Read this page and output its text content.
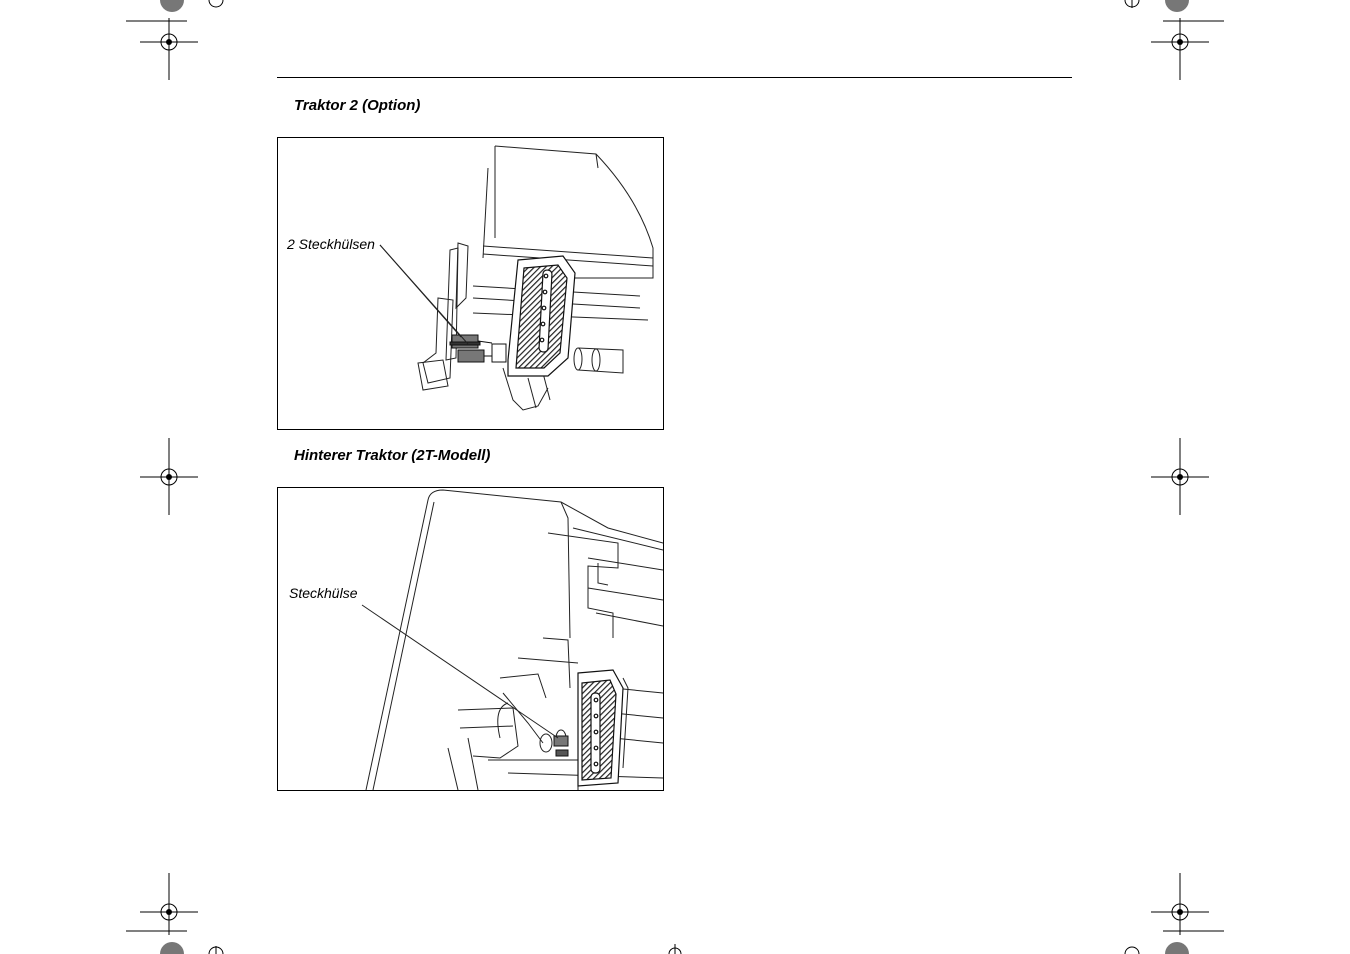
Traktor 2 (Option)
2 Steckhülsen
Hinterer Traktor (2T-Modell)
Steckhülse
